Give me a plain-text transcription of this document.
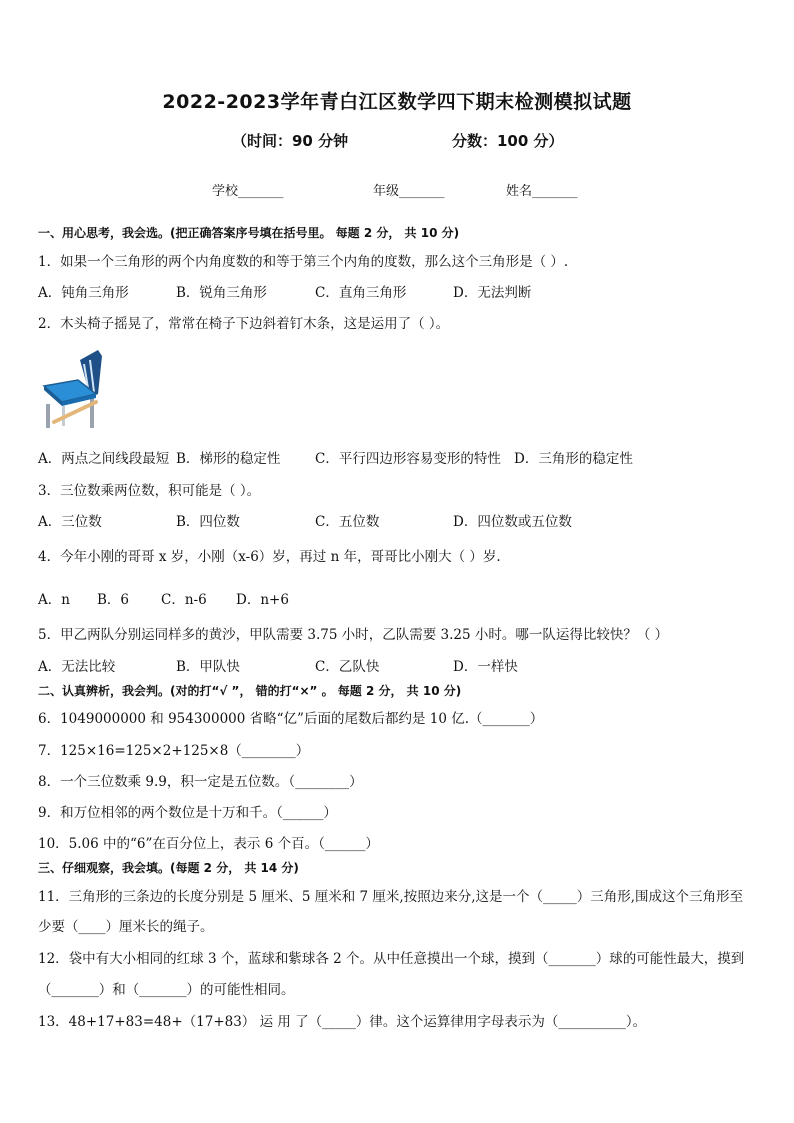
2022-2023学年青白江区数学四下期末检测模拟试题
（时间：90 分钟	分数：100 分）
学校_______	年级_______	姓名_______
一、用心思考，我会选。(把正确答案序号填在括号里。 每题 2 分， 共 10 分)
1．如果一个三角形的两个内角度数的和等于第三个内角的度数，那么这个三角形是（ ）.
A．钝角三角形	B．锐角三角形	C．直角三角形	D．无法判断
2．木头椅子摇晃了，常常在椅子下边斜着钉木条，这是运用了（ ）。
A．两点之间线段最短 B．梯形的稳定性	C．平行四边形容易变形的特性 D．三角形的稳定性
3．三位数乘两位数，积可能是（ ）。
A．三位数	B．四位数	C．五位数	D．四位数或五位数
4．今年小刚的哥哥 x 岁，小刚（x-6）岁，再过 n 年，哥哥比小刚大（ ）岁.
A．n B．6 C．n-6 D．n+6
5．甲乙两队分别运同样多的黄沙，甲队需要 3.75 小时，乙队需要 3.25 小时。哪一队运得比较快？（ ）
A．无法比较	B．甲队快	C．乙队快	D．一样快
二、认真辨析，我会判。(对的打“√ ”， 错的打“×” 。 每题 2 分， 共 10 分)
6．1049000000 和 954300000 省略“亿”后面的尾数后都约是 10 亿.（_______）
7．125×16=125×2+125×8（________）
8．一个三位数乘 9.9，积一定是五位数。（________）
9．和万位相邻的两个数位是十万和千。（______）
10．5.06 中的“6”在百分位上，表示 6 个百。（______）
三、仔细观察，我会填。(每题 2 分， 共 14 分)
11．三角形的三条边的长度分别是 5 厘米、5 厘米和 7 厘米,按照边来分,这是一个（_____）三角形,围成这个三角形至
少要（____）厘米长的绳子。
12．袋中有大小相同的红球 3 个，蓝球和紫球各 2 个。从中任意摸出一个球，摸到（_______）球的可能性最大，摸到
（_______）和（_______）的可能性相同。
13．48+17+83=48+（17+83） 运 用 了（_____）律。这个运算律用字母表示为（__________）。
